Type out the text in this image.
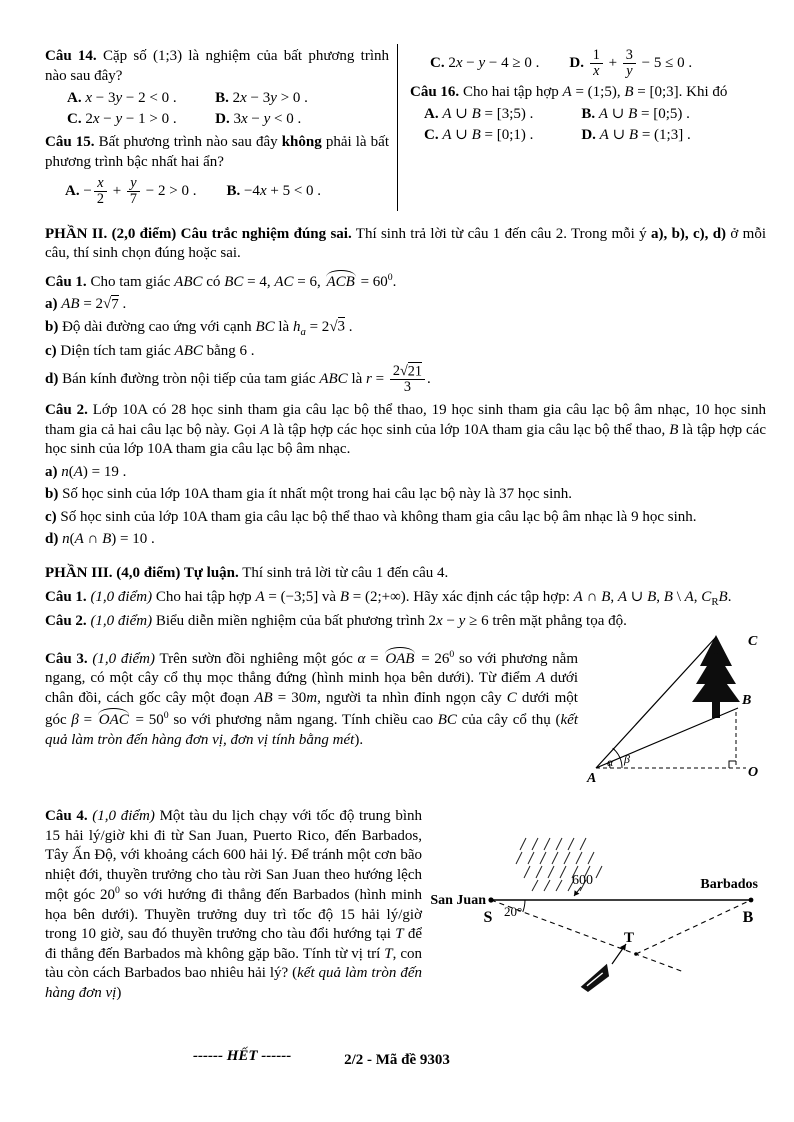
Câu 14. Cặp số (1;3) là nghiệm của bất phương trình nào sau đây?

A. x − 3y − 2 < 0 .	B. 2x − 3y > 0 .

C. 2x − y − 1 > 0 .	D. 3x − y < 0 .

Câu 15. Bất phương trình nào sau đây không phải là bất phương trình bậc nhất hai ẩn?

A. − $\frac{x}{2} + \frac{y}{7} - 2 > 0$ . B. −4x + 5 < 0 .

C. 2x − y − 4 ≥ 0 . D. $\frac{1}{x} + \frac{3}{y} - 5 \le 0$ .

Câu 16. Cho hai tập hợp A = (1;5), B = [0;3]. Khi đó

A. A ∪ B = [3;5) .	B. A ∪ B = [0;5) .

C. A ∪ B = [0;1) .	D. A ∪ B = (1;3] .

PHẦN II. (2,0 điểm) Câu trắc nghiệm đúng sai. Thí sinh trả lời từ câu 1 đến câu 2. Trong mỗi ý a), b), c), d) ở mỗi câu, thí sinh chọn đúng hoặc sai.

Câu 1. Cho tam giác ABC có BC = 4, AC = 6, ACB = $60^0$.

a) AB = 2√7 .

b) Độ dài đường cao ứng với cạnh BC là $h_a = 2√3$ .

c) Diện tích tam giác ABC bằng 6 .

d) Bán kính đường tròn nội tiếp của tam giác ABC là $r = \frac{2√21}{3}$ .

Câu 2. Lớp 10A có 28 học sinh tham gia câu lạc bộ thể thao, 19 học sinh tham gia câu lạc bộ âm nhạc, 10 học sinh tham gia cả hai câu lạc bộ này. Gọi A là tập hợp các học sinh của lớp 10A tham gia câu lạc bộ thể thao, B là tập hợp các học sinh của lớp 10A tham gia câu lạc bộ âm nhạc.

a) n(A) = 19 .

b) Số học sinh của lớp 10A tham gia ít nhất một trong hai câu lạc bộ này là 37 học sinh.

c) Số học sinh của lớp 10A tham gia câu lạc bộ thể thao và không tham gia câu lạc bộ âm nhạc là 9 học sinh.

d) n(A ∩ B) = 10 .

PHẦN III. (4,0 điểm) Tự luận. Thí sinh trả lời từ câu 1 đến câu 4.

Câu 1. (1,0 điểm) Cho hai tập hợp A = (−3;5] và B = (2;+∞). Hãy xác định các tập hợp: A ∩ B, A ∪ B, B \ A, $C_RB$.

Câu 2. (1,0 điểm) Biểu diễn miền nghiệm của bất phương trình 2x − y ≥ 6 trên mặt phẳng tọa độ.

Câu 3. (1,0 điểm) Trên sườn đồi nghiêng một góc α = OAB = $26^0$ so với phương nằm ngang, có một cây cổ thụ mọc thẳng đứng (hình minh họa bên dưới). Từ điểm A dưới chân đồi, cách gốc cây một đoạn AB = 30m, người ta nhìn đỉnh ngọn cây C dưới một góc β = OAC = $50^0$ so với phương nằm ngang. Tính chiều cao BC của cây cổ thụ (kết quả làm tròn đến hàng đơn vị, đơn vị tính bằng mét).

A
C
B
O
α β

Câu 4. (1,0 điểm) Một tàu du lịch chạy với tốc độ trung bình 15 hải lý/giờ khi đi từ San Juan, Puerto Rico, đến Barbados, Tây Ấn Độ, với khoảng cách 600 hải lý. Để tránh một cơn bão nhiệt đới, thuyền trưởng cho tàu rời San Juan theo hướng lệch một góc $20^0$ so với hướng đi thẳng đến Barbados (hình minh họa bên dưới). Thuyền trưởng duy trì tốc độ 15 hải lý/giờ trong 10 giờ, sau đó thuyền trưởng cho tàu đổi hướng tại T để đi thẳng đến Barbados mà không gặp bão. Tính từ vị trí T, con tàu còn cách Barbados bao nhiêu hải lý? (kết quả làm tròn đến hàng đơn vị)

San Juan
Barbados
S	B
T
600
20°

------ HẾT ------	2/2 - Mã đề 9303
